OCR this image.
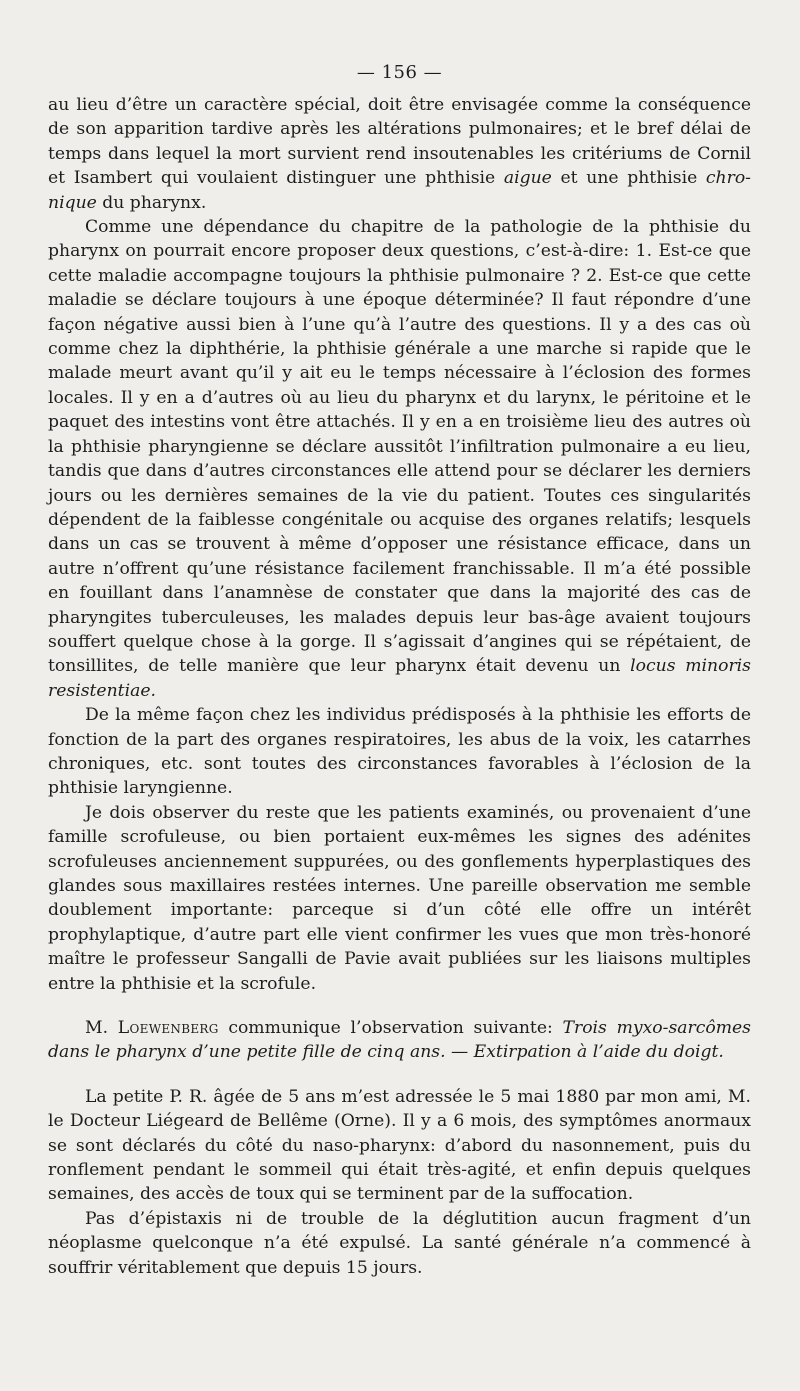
— 156 —

au lieu d’être un caractère spécial, doit être envisagée comme la conséquence de son apparition tardive après les altérations pulmonaires; et le bref délai de temps dans lequel la mort survient rend insoutenables les critériums de Cornil et Isambert qui voulaient distinguer une phthisie aigue et une phthisie chro-nique du pharynx.

Comme une dépendance du chapitre de la pathologie de la phthisie du pharynx on pourrait encore proposer deux questions, c’est-à-dire: 1. Est-ce que cette maladie accompagne toujours la phthisie pulmonaire ? 2. Est-ce que cette maladie se déclare toujours à une époque déterminée? Il faut répondre d’une façon négative aussi bien à l’une qu’à l’autre des questions. Il y a des cas où comme chez la diphthérie, la phthisie générale a une marche si rapide que le malade meurt avant qu’il y ait eu le temps nécessaire à l’éclosion des formes locales. Il y en a d’autres où au lieu du pharynx et du larynx, le péritoine et le paquet des intestins vont être attachés. Il y en a en troisième lieu des autres où la phthisie pharyngienne se déclare aussitôt l’infiltration pulmonaire a eu lieu, tandis que dans d’autres circonstances elle attend pour se déclarer les derniers jours ou les dernières semaines de la vie du patient. Toutes ces singularités dépendent de la faiblesse congénitale ou acquise des organes relatifs; lesquels dans un cas se trouvent à même d’opposer une résistance efficace, dans un autre n’offrent qu’une résistance facilement franchissable. Il m’a été possible en fouillant dans l’anamnèse de constater que dans la majorité des cas de pharyngites tuberculeuses, les malades depuis leur bas-âge avaient toujours souffert quelque chose à la gorge. Il s’agissait d’angines qui se répétaient, de tonsillites, de telle manière que leur pharynx était devenu un locus minoris resistentiae.

De la même façon chez les individus prédisposés à la phthisie les efforts de fonction de la part des organes respiratoires, les abus de la voix, les catarrhes chroniques, etc. sont toutes des circonstances favorables à l’éclosion de la phthisie laryngienne.

Je dois observer du reste que les patients examinés, ou provenaient d’une famille scrofuleuse, ou bien portaient eux-mêmes les signes des adénites scrofuleuses anciennement suppurées, ou des gonflements hyperplastiques des glandes sous maxillaires restées internes. Une pareille observation me semble doublement importante: parceque si d’un côté elle offre un intérêt prophylaptique, d’autre part elle vient confirmer les vues que mon très-honoré maître le professeur Sangalli de Pavie avait publiées sur les liaisons multiples entre la phthisie et la scrofule.

M. Loewenberg communique l’observation suivante: Trois myxo-sarcômes dans le pharynx d’une petite fille de cinq ans. — Extirpation à l’aide du doigt.

La petite P. R. âgée de 5 ans m’est adressée le 5 mai 1880 par mon ami, M. le Docteur Liégeard de Bellême (Orne). Il y a 6 mois, des symptômes anormaux se sont déclarés du côté du naso-pharynx: d’abord du nasonnement, puis du ronflement pendant le sommeil qui était très-agité, et enfin depuis quelques semaines, des accès de toux qui se terminent par de la suffocation.

Pas d’épistaxis ni de trouble de la déglutition aucun fragment d’un néoplasme quelconque n’a été expulsé. La santé générale n’a commencé à souffrir véritablement que depuis 15 jours.
